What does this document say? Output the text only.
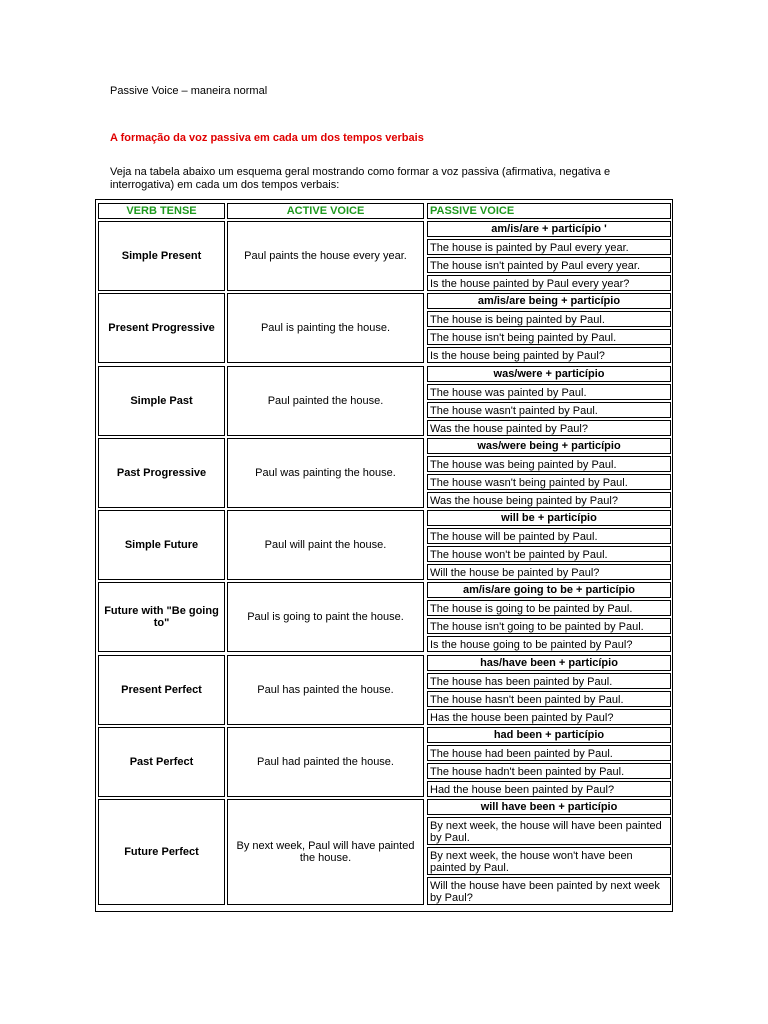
Passive Voice – maneira normal
A formação da voz passiva em cada um dos tempos verbais
Veja na tabela abaixo um esquema geral mostrando como formar a voz passiva (afirmativa, negativa e interrogativa) em cada um dos tempos verbais:
VERB TENSE	ACTIVE VOICE	PASSIVE VOICE
Simple Present	Paul paints the house every year.
am/is/are + particípio '
The house is painted by Paul every year.
The house isn't painted by Paul every year.
Is the house painted by Paul every year?
Present Progressive	Paul is painting the house.
am/is/are being + particípio
The house is being painted by Paul.
The house isn't being painted by Paul.
Is the house being painted by Paul?
Simple Past	Paul painted the house.
was/were + particípio
The house was painted by Paul.
The house wasn't painted by Paul.
Was the house painted by Paul?
Past Progressive	Paul was painting the house.
was/were being + particípio
The house was being painted by Paul.
The house wasn't being painted by Paul.
Was the house being painted by Paul?
Simple Future	Paul will paint the house.
will be + particípio
The house will be painted by Paul.
The house won't be painted by Paul.
Will the house be painted by Paul?
Future with "Be going to"	Paul is going to paint the house.
am/is/are going to be + particípio
The house is going to be painted by Paul.
The house isn't going to be painted by Paul.
Is the house going to be painted by Paul?
Present Perfect	Paul has painted the house.
has/have been + particípio
The house has been painted by Paul.
The house hasn't been painted by Paul.
Has the house been painted by Paul?
Past Perfect	Paul had painted the house.
had been + particípio
The house had been painted by Paul.
The house hadn't been painted by Paul.
Had the house been painted by Paul?
Future Perfect	By next week, Paul will have painted the house.
will have been + particípio
By next week, the house will have been painted by Paul.
By next week, the house won't have been painted by Paul.
Will the house have been painted by next week by Paul?
